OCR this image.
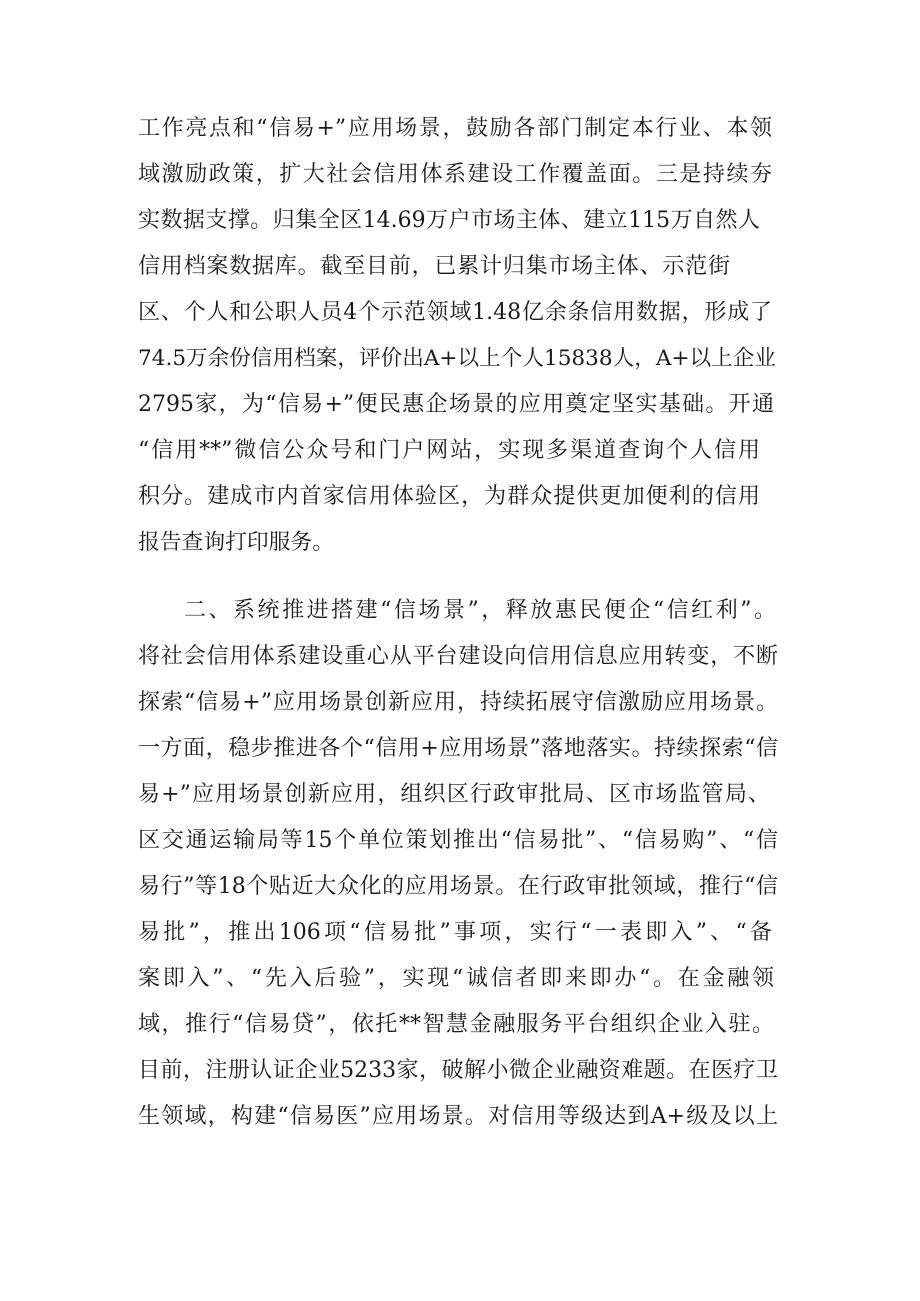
工作亮点和“信易+”应用场景，鼓励各部门制定本行业、本领
域激励政策，扩大社会信用体系建设工作覆盖面。三是持续夯
实数据支撑。归集全区14.69万户市场主体、建立115万自然人
信用档案数据库。截至目前，已累计归集市场主体、示范街
区、个人和公职人员4个示范领域1.48亿余条信用数据，形成了
74.5万余份信用档案，评价出A+以上个人15838人，A+以上企业
2795家，为“信易+”便民惠企场景的应用奠定坚实基础。开通
“信用**”微信公众号和门户网站，实现多渠道查询个人信用
积分。建成市内首家信用体验区，为群众提供更加便利的信用
报告查询打印服务。
二、系统推进搭建“信场景”，释放惠民便企“信红利”。
将社会信用体系建设重心从平台建设向信用信息应用转变，不断
探索“信易+”应用场景创新应用，持续拓展守信激励应用场景。
一方面，稳步推进各个“信用+应用场景”落地落实。持续探索“信
易+”应用场景创新应用，组织区行政审批局、区市场监管局、
区交通运输局等15个单位策划推出“信易批”、“信易购”、“信
易行”等18个贴近大众化的应用场景。在行政审批领域，推行“信
易批”，推出106项“信易批”事项，实行“一表即入”、“备
案即入”、“先入后验”，实现“诚信者即来即办“。在金融领
域，推行“信易贷”，依托**智慧金融服务平台组织企业入驻。
目前，注册认证企业5233家，破解小微企业融资难题。在医疗卫
生领域，构建“信易医”应用场景。对信用等级达到A+级及以上
